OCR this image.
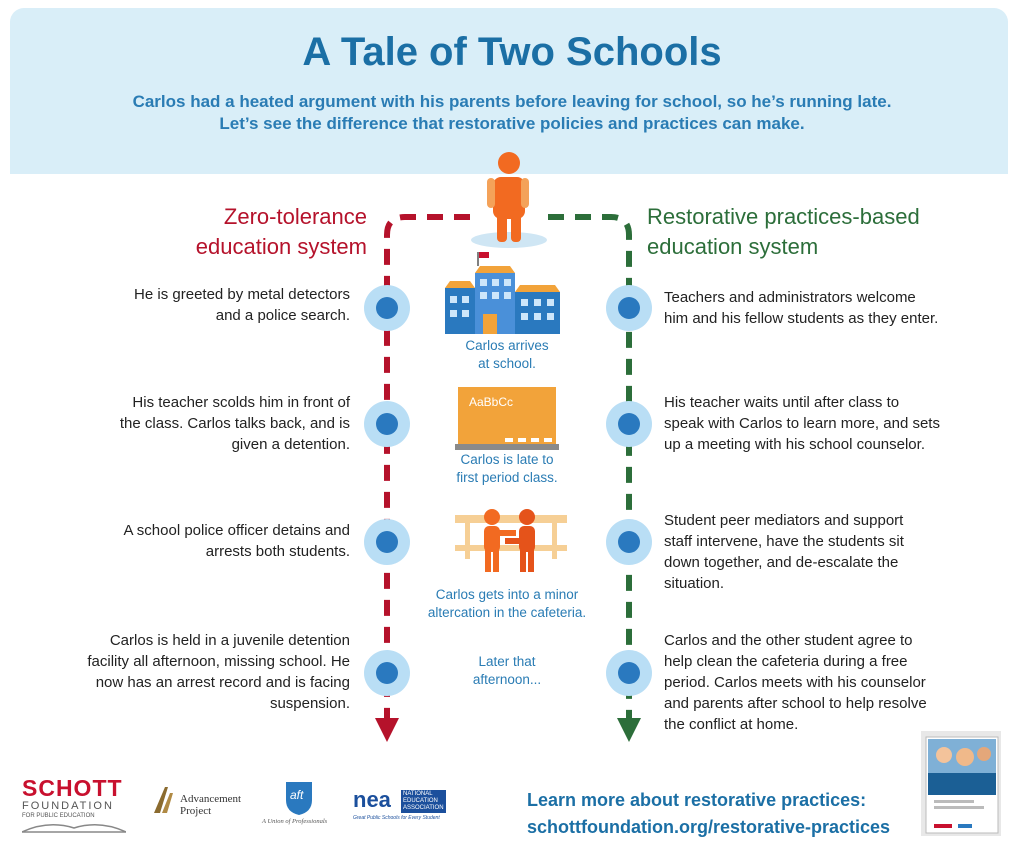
A Tale of Two Schools
Carlos had a heated argument with his parents before leaving for school, so he’s running late.
Let’s see the difference that restorative policies and practices can make.
AaBbCc
Zero-tolerance
education system
Restorative practices-based
education system
He is greeted by metal detectors
and a police search.
His teacher scolds him in front of
the class. Carlos talks back, and is
given a detention.
A school police officer detains and
arrests both students.
Carlos is held in a juvenile detention
facility all afternoon, missing school. He
now has an arrest record and is facing
suspension.
Teachers and administrators welcome
him and his fellow students as they enter.
His teacher waits until after class to
speak with Carlos to learn more, and sets
up a meeting with his school counselor.
Student peer mediators and support
staff intervene, have the students sit
down together, and de-escalate the
situation.
Carlos and the other student agree to
help clean the cafeteria during a free
period. Carlos meets with his counselor
and parents after school to help resolve
the conflict at home.
Carlos arrives
at school.
Carlos is late to
first period class.
Carlos gets into a minor
altercation in the cafeteria.
Later that
afternoon...
SCHOTT
FOUNDATION
FOR PUBLIC EDUCATION
Advancement
Project
aft
A Union of Professionals
nea NATIONAL
EDUCATION
ASSOCIATION
Great Public Schools for Every Student
Learn more about restorative practices:
schottfoundation.org/restorative-practices
